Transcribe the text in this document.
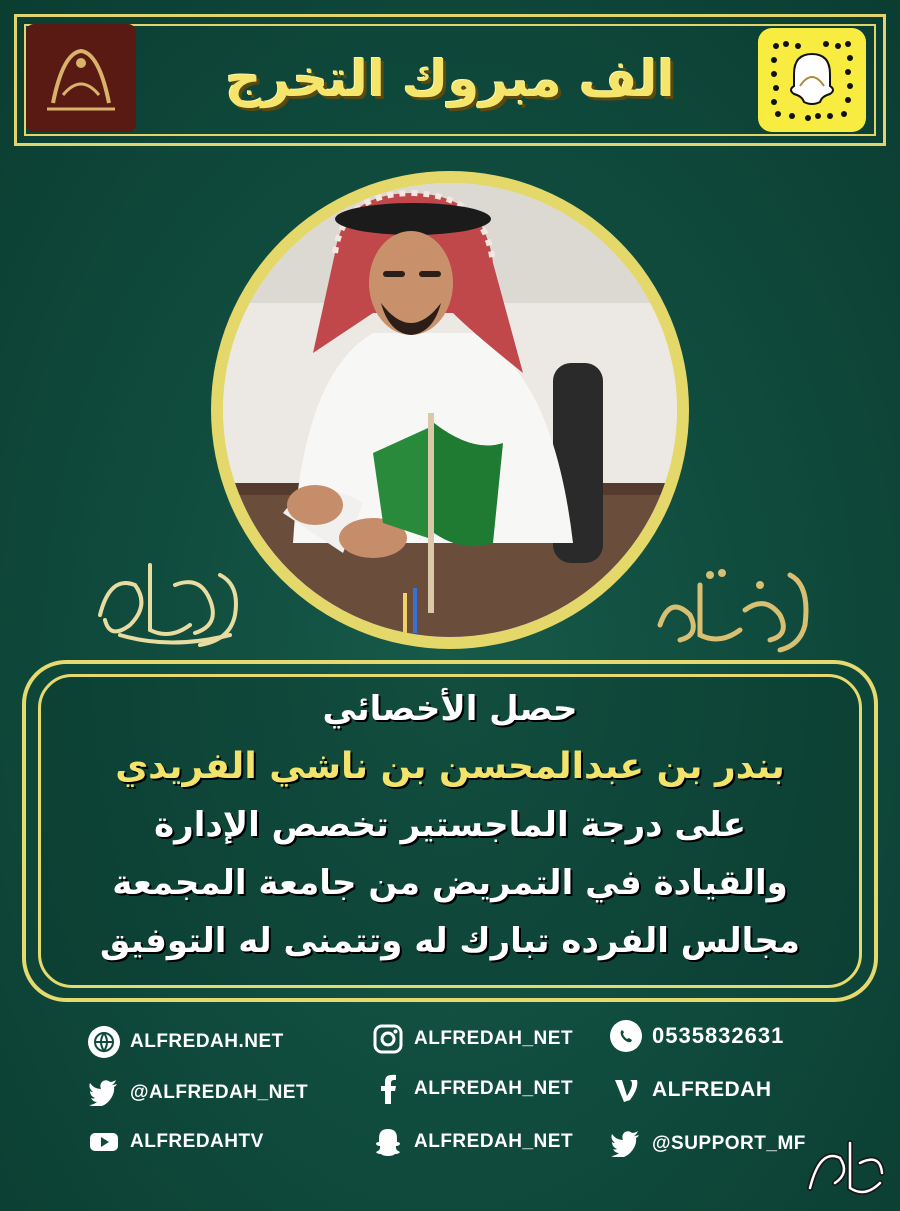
الف مبروك التخرج
حصل الأخصائي
بندر بن عبدالمحسن بن ناشي الفريدي
على درجة الماجستير تخصص الإدارة
والقيادة في التمريض من جامعة المجمعة
مجالس الفرده تبارك له وتتمنى له التوفيق
ALFREDAH.NET
@ALFREDAH_NET
ALFREDAHTV
ALFREDAH_NET
ALFREDAH_NET
ALFREDAH_NET
0535832631
ALFREDAH
@SUPPORT_MF
